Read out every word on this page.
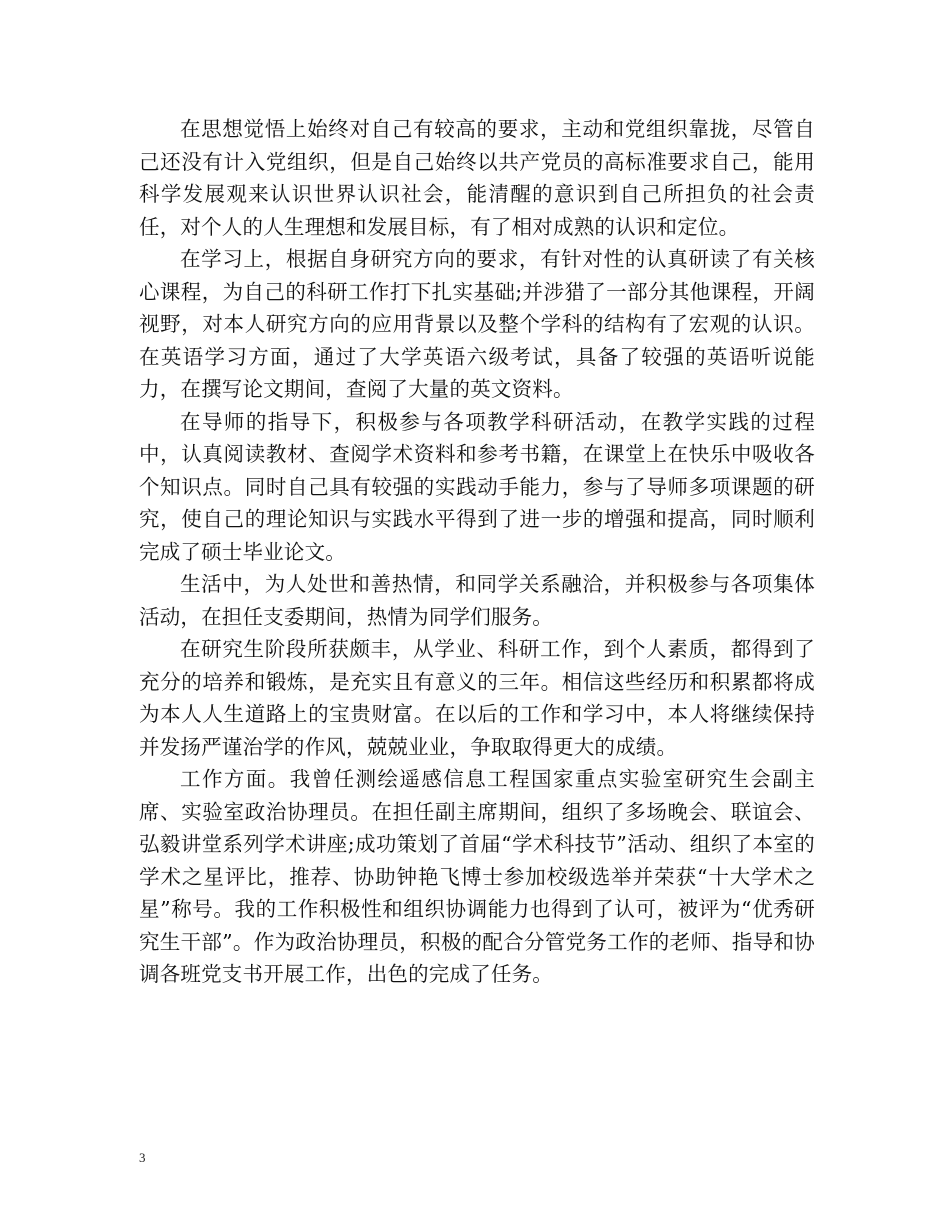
在思想觉悟上始终对自己有较高的要求，主动和党组织靠拢，尽管自己还没有计入党组织，但是自己始终以共产党员的高标准要求自己，能用科学发展观来认识世界认识社会，能清醒的意识到自己所担负的社会责任，对个人的人生理想和发展目标，有了相对成熟的认识和定位。

在学习上，根据自身研究方向的要求，有针对性的认真研读了有关核心课程，为自己的科研工作打下扎实基础;并涉猎了一部分其他课程，开阔视野，对本人研究方向的应用背景以及整个学科的结构有了宏观的认识。在英语学习方面，通过了大学英语六级考试，具备了较强的英语听说能力，在撰写论文期间，查阅了大量的英文资料。

在导师的指导下，积极参与各项教学科研活动，在教学实践的过程中，认真阅读教材、查阅学术资料和参考书籍，在课堂上在快乐中吸收各个知识点。同时自己具有较强的实践动手能力，参与了导师多项课题的研究，使自己的理论知识与实践水平得到了进一步的增强和提高，同时顺利完成了硕士毕业论文。

生活中，为人处世和善热情，和同学关系融洽，并积极参与各项集体活动，在担任支委期间，热情为同学们服务。

在研究生阶段所获颇丰，从学业、科研工作，到个人素质，都得到了充分的培养和锻炼，是充实且有意义的三年。相信这些经历和积累都将成为本人人生道路上的宝贵财富。在以后的工作和学习中，本人将继续保持并发扬严谨治学的作风，兢兢业业，争取取得更大的成绩。

工作方面。我曾任测绘遥感信息工程国家重点实验室研究生会副主席、实验室政治协理员。在担任副主席期间，组织了多场晚会、联谊会、弘毅讲堂系列学术讲座;成功策划了首届“学术科技节”活动、组织了本室的学术之星评比，推荐、协助钟艳飞博士参加校级选举并荣获“十大学术之星”称号。我的工作积极性和组织协调能力也得到了认可，被评为“优秀研究生干部”。作为政治协理员，积极的配合分管党务工作的老师、指导和协调各班党支书开展工作，出色的完成了任务。

3
